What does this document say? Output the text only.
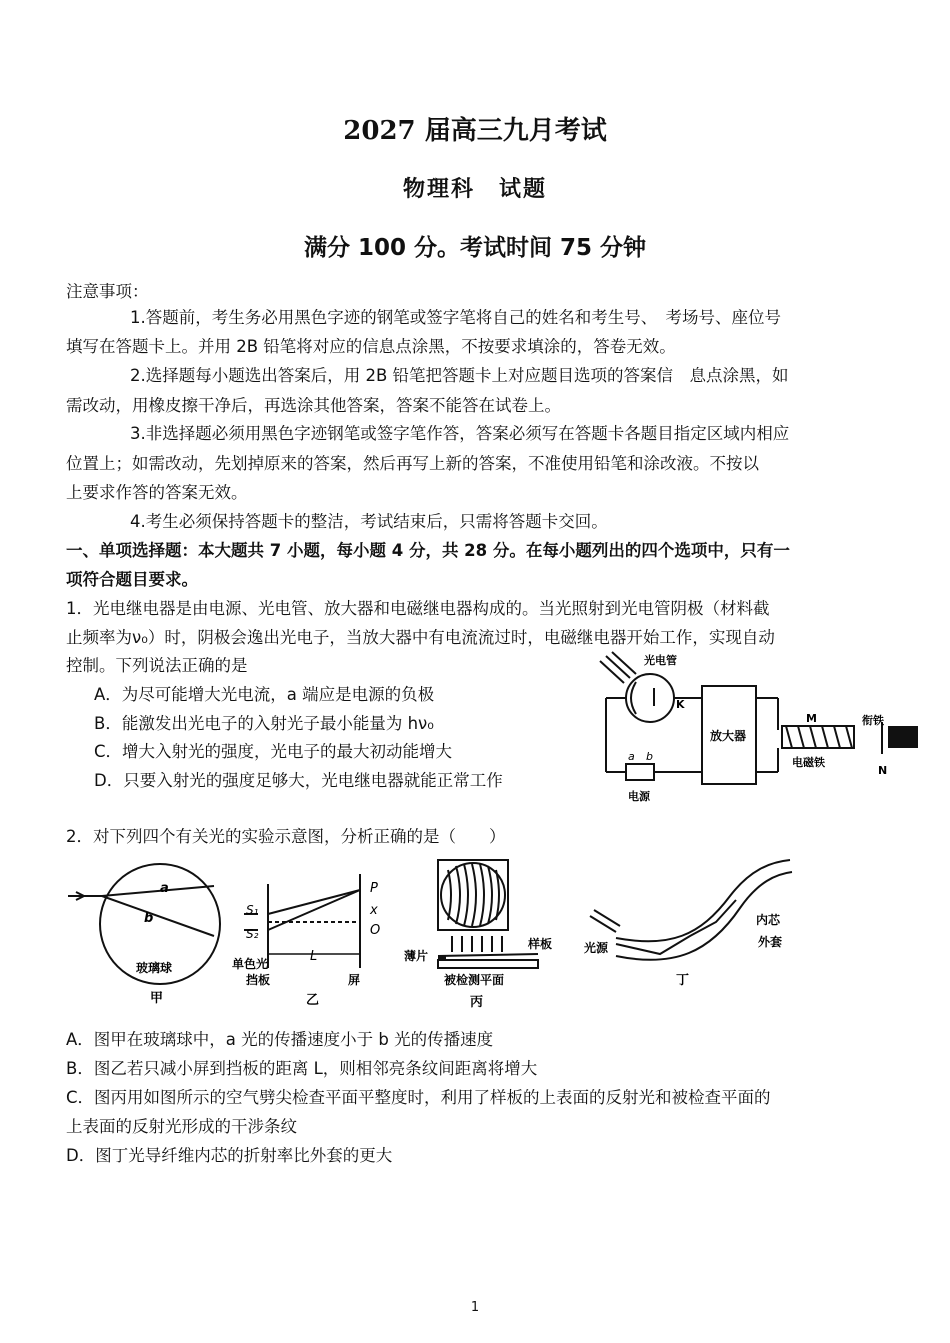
2027 届高三九月考试
物理科　试题
满分 100 分。考试时间 75 分钟
注意事项：
1.答题前，考生务必用黑色字迹的钢笔或签字笔将自己的姓名和考生号、　考场号、座位号
填写在答题卡上。并用 2B 铅笔将对应的信息点涂黑，不按要求填涂的，答卷无效。
2.选择题每小题选出答案后，用 2B 铅笔把答题卡上对应题目选项的答案信　息点涂黑，如
需改动，用橡皮擦干净后，再选涂其他答案，答案不能答在试卷上。
3.非选择题必须用黑色字迹钢笔或签字笔作答，答案必须写在答题卡各题目指定区域内相应
位置上；如需改动，先划掉原来的答案，然后再写上新的答案，不准使用铅笔和涂改液。不按以
上要求作答的答案无效。
4.考生必须保持答题卡的整洁，考试结束后，只需将答题卡交回。
一、单项选择题：本大题共 7 小题，每小题 4 分，共 28 分。在每小题列出的四个选项中，只有一
项符合题目要求。
1．光电继电器是由电源、光电管、放大器和电磁继电器构成的。当光照射到光电管阴极（材料截
止频率为ν₀）时，阴极会逸出光电子，当放大器中有电流流过时，电磁继电器开始工作，实现自动
控制。下列说法正确的是
A．为尽可能增大光电流，a 端应是电源的负极
B．能激发出光电子的入射光子最小能量为 hν₀
C．增大入射光的强度，光电子的最大初动能增大
D．只要入射光的强度足够大，光电继电器就能正常工作
光电管
K
放大器
M
电磁铁
衔铁
N
a b
电源
2．对下列四个有关光的实验示意图，分析正确的是（　　）
a
b
玻璃球
甲
P
x
O
S₁
S₂
L
单色光
挡板	屏
乙
薄片
样板
被检测平面
丙
内芯
外套
光源
丁
A．图甲在玻璃球中，a 光的传播速度小于 b 光的传播速度
B．图乙若只减小屏到挡板的距离 L，则相邻亮条纹间距离将增大
C．图丙用如图所示的空气劈尖检查平面平整度时，利用了样板的上表面的反射光和被检查平面的
上表面的反射光形成的干涉条纹
D．图丁光导纤维内芯的折射率比外套的更大
1
